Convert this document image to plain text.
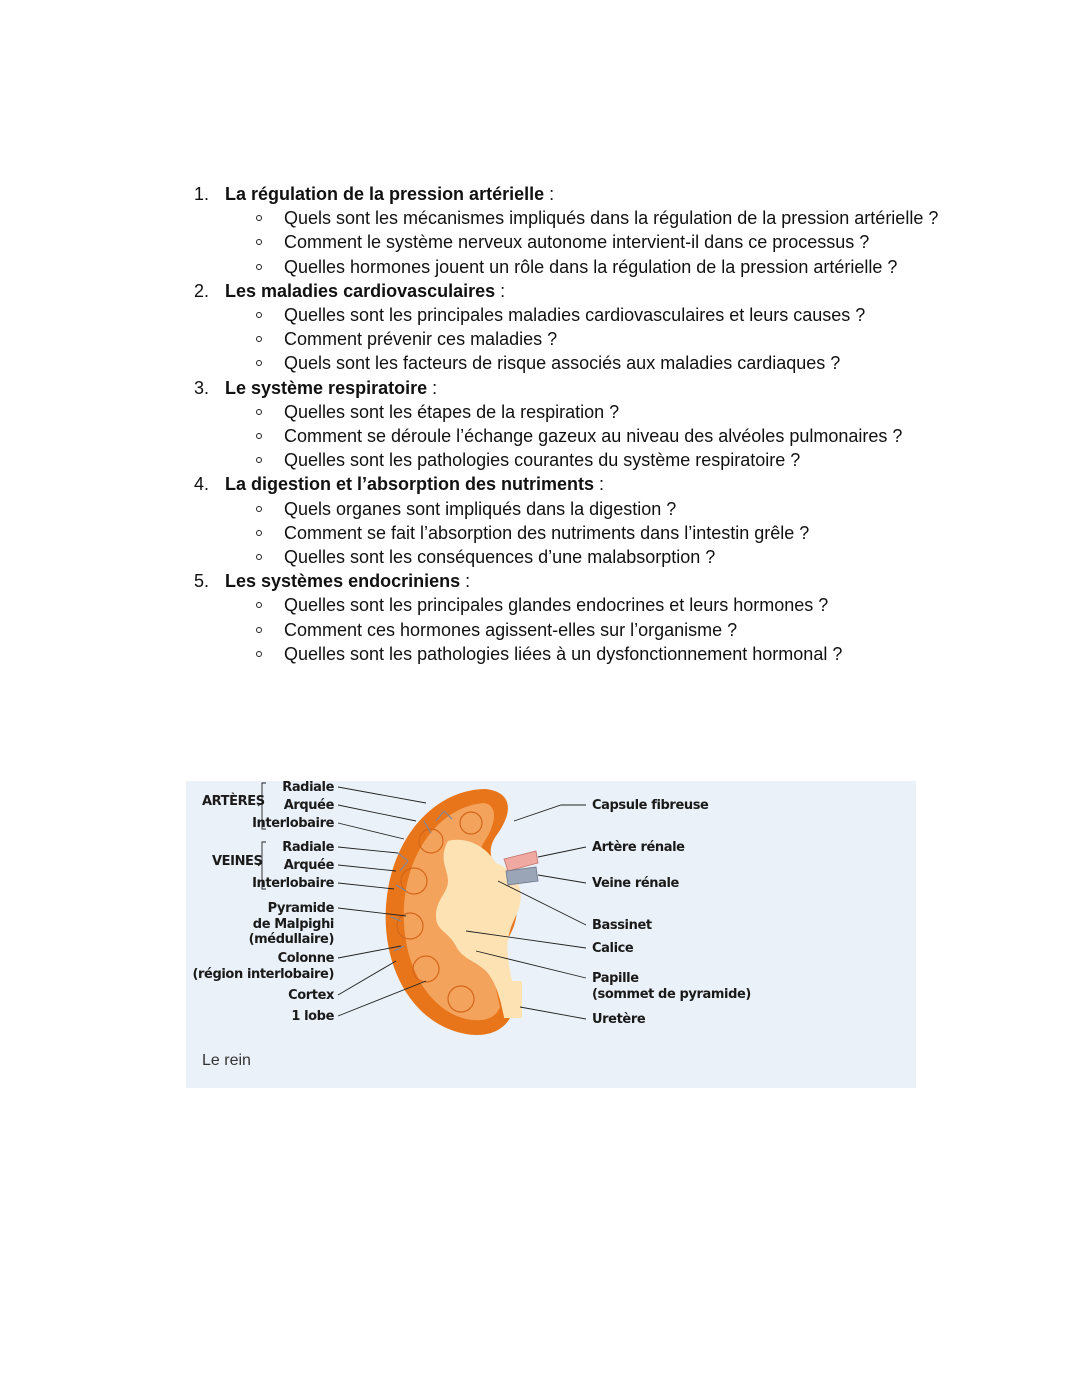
1. La régulation de la pression artérielle :
Quels sont les mécanismes impliqués dans la régulation de la pression artérielle ?
Comment le système nerveux autonome intervient-il dans ce processus ?
Quelles hormones jouent un rôle dans la régulation de la pression artérielle ?
2. Les maladies cardiovasculaires :
Quelles sont les principales maladies cardiovasculaires et leurs causes ?
Comment prévenir ces maladies ?
Quels sont les facteurs de risque associés aux maladies cardiaques ?
3. Le système respiratoire :
Quelles sont les étapes de la respiration ?
Comment se déroule l’échange gazeux au niveau des alvéoles pulmonaires ?
Quelles sont les pathologies courantes du système respiratoire ?
4. La digestion et l’absorption des nutriments :
Quels organes sont impliqués dans la digestion ?
Comment se fait l’absorption des nutriments dans l’intestin grêle ?
Quelles sont les conséquences d’une malabsorption ?
5. Les systèmes endocriniens :
Quelles sont les principales glandes endocrines et leurs hormones ?
Comment ces hormones agissent-elles sur l’organisme ?
Quelles sont les pathologies liées à un dysfonctionnement hormonal ?
ARTÈRES
Radiale
Arquée
Interlobaire
VEINES
Radiale
Arquée
Interlobaire
Pyramide
de Malpighi
(médullaire)
Colonne
(région interlobaire)
Cortex
1 lobe
Capsule fibreuse
Artère rénale
Veine rénale
Bassinet
Calice
Papille
(sommet de pyramide)
Uretère
Le rein
